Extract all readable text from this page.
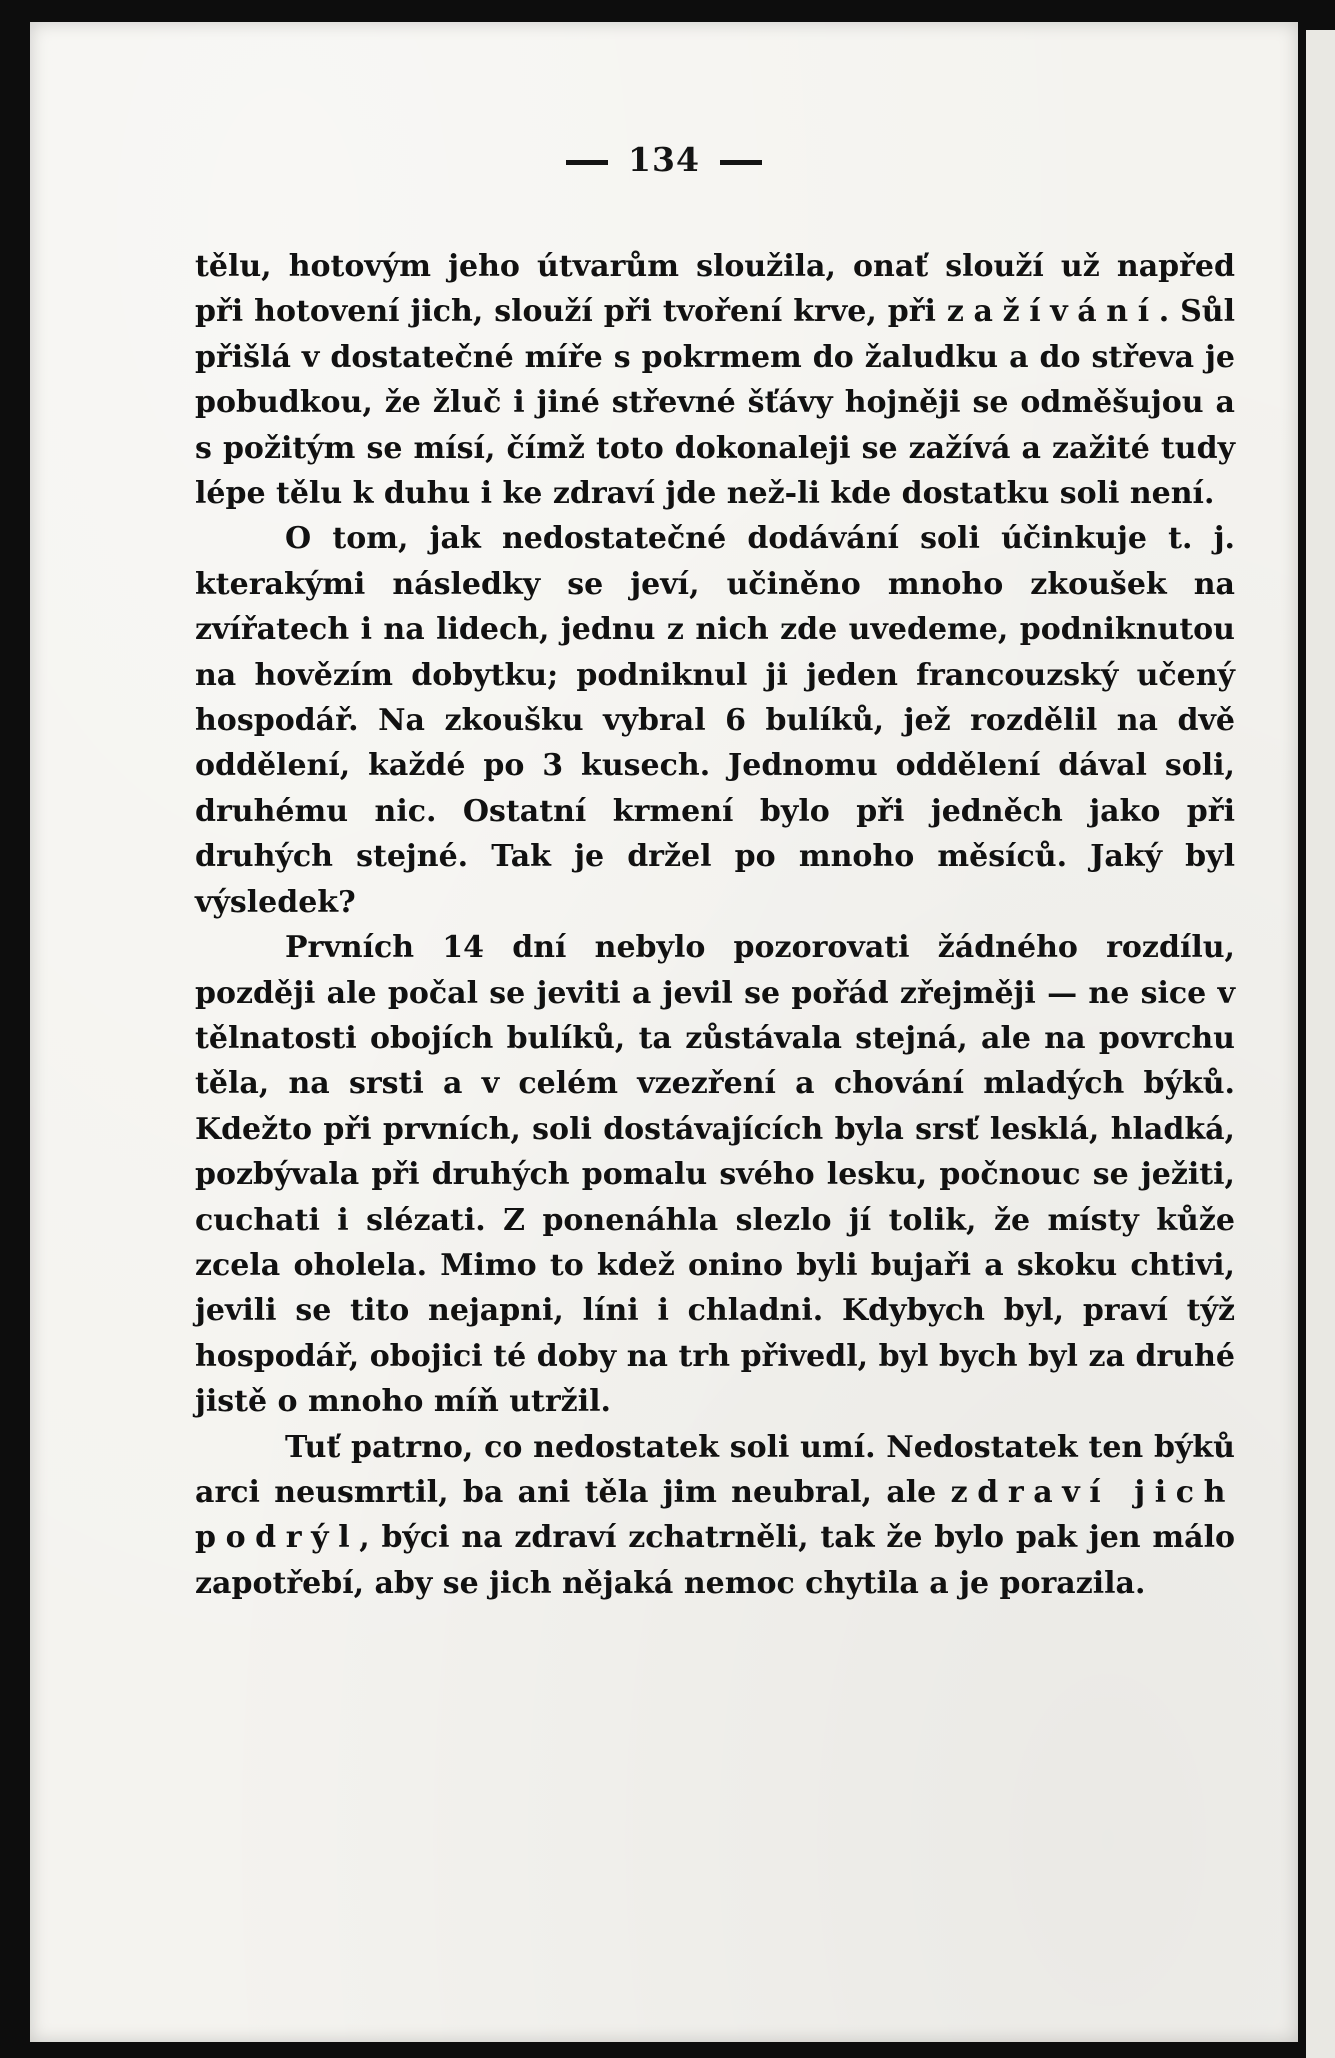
134

tělu, hotovým jeho útvarům sloužila, onať slouží už napřed při hotovení jich, slouží při tvoření krve, při zažívání. Sůl přišlá v dostatečné míře s pokrmem do žaludku a do střeva je pobudkou, že žluč i jiné střevné šťávy hojněji se odměšujou a s požitým se mísí, čímž toto dokonaleji se zažívá a zažité tudy lépe tělu k duhu i ke zdraví jde než-li kde dostatku soli není.

O tom, jak nedostatečné dodávání soli účinkuje t. j. kterakými následky se jeví, učiněno mnoho zkoušek na zvířatech i na lidech, jednu z nich zde uvedeme, podniknutou na hovězím dobytku; podniknul ji jeden francouzský učený hospodář. Na zkoušku vybral 6 bulíků, jež rozdělil na dvě oddělení, každé po 3 kusech. Jednomu oddělení dával soli, druhému nic. Ostatní krmení bylo při jedněch jako při druhých stejné. Tak je držel po mnoho měsíců. Jaký byl výsledek?

Prvních 14 dní nebylo pozorovati žádného rozdílu, později ale počal se jeviti a jevil se pořád zřejměji — ne sice v tělnatosti obojích bulíků, ta zůstávala stejná, ale na povrchu těla, na srsti a v celém vzezření a chování mladých býků. Kdežto při prvních, soli dostávajících byla srsť lesklá, hladká, pozbývala při druhých pomalu svého lesku, počnouc se ježiti, cuchati i slézati. Z ponenáhla slezlo jí tolik, že místy kůže zcela oholela. Mimo to kdež onino byli bujaři a skoku chtivi, jevili se tito nejapni, líni i chladni. Kdybych byl, praví týž hospodář, obojici té doby na trh přivedl, byl bych byl za druhé jistě o mnoho míň utržil.

Tuť patrno, co nedostatek soli umí. Nedostatek ten býků arci neusmrtil, ba ani těla jim neubral, ale zdraví jich podrýl, býci na zdraví zchatrněli, tak že bylo pak jen málo zapotřebí, aby se jich nějaká nemoc chytila a je porazila.
